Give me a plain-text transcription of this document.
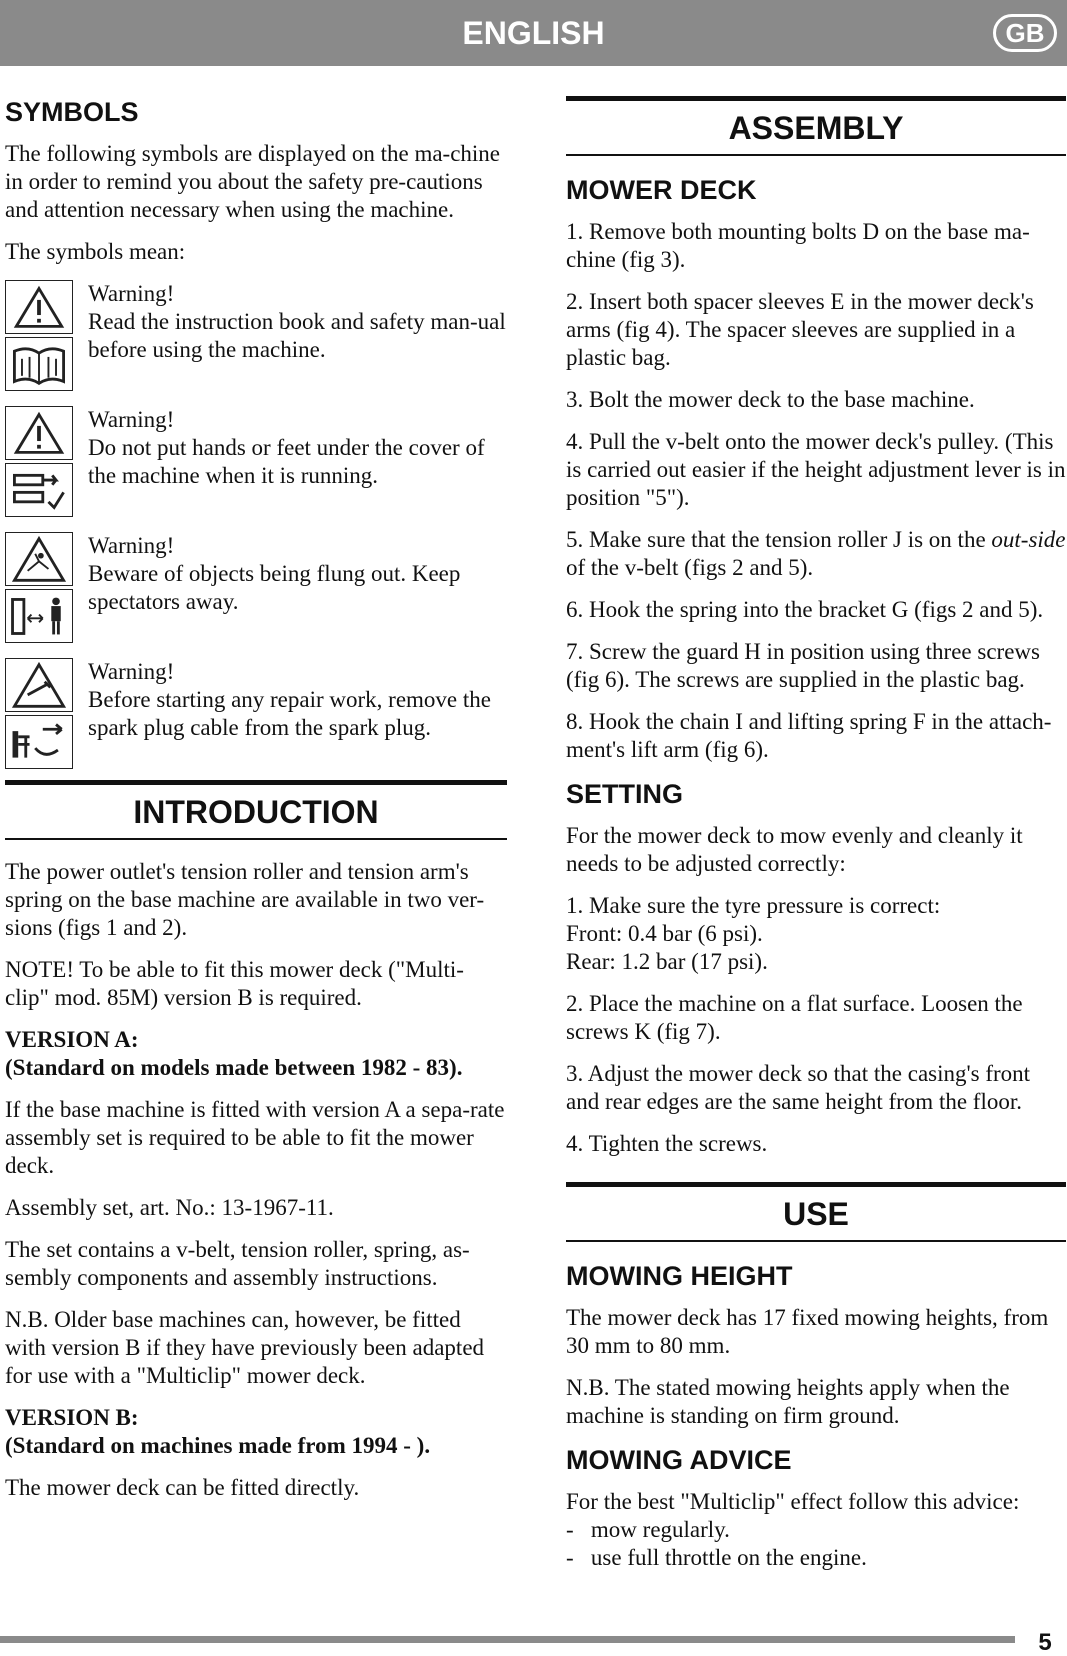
ENGLISH	GB
SYMBOLS

The following symbols are displayed on the ma-chine in order to remind you about the safety pre-cautions and attention necessary when using the machine.

The symbols mean:

Warning!
Read the instruction book and safety man-ual before using the machine.
Warning!
Do not put hands or feet under the cover of the machine when it is running.
Warning!
Beware of objects being flung out. Keep spectators away.
Warning!
Before starting any repair work, remove the spark plug cable from the spark plug.
INTRODUCTION

The power outlet's tension roller and tension arm's spring on the base machine are available in two ver-sions (figs 1 and 2).

NOTE! To be able to fit this mower deck ("Multi-clip" mod. 85M) version B is required.

VERSION A:
(Standard on models made between 1982 - 83).

If the base machine is fitted with version A a sepa-rate assembly set is required to be able to fit the mower deck.

Assembly set, art. No.: 13-1967-11.

The set contains a v-belt, tension roller, spring, as-sembly components and assembly instructions.

N.B. Older base machines can, however, be fitted with version B if they have previously been adapted for use with a "Multiclip" mower deck.

VERSION B:
(Standard on machines made from 1994 - ).

The mower deck can be fitted directly.

ASSEMBLY
MOWER DECK

1. Remove both mounting bolts D on the base ma-chine (fig 3).

2. Insert both spacer sleeves E in the mower deck's arms (fig 4). The spacer sleeves are supplied in a plastic bag.

3. Bolt the mower deck to the base machine.

4. Pull the v-belt onto the mower deck's pulley. (This is carried out easier if the height adjustment lever is in position "5").

5. Make sure that the tension roller J is on the out-side of the v-belt (figs 2 and 5).

6. Hook the spring into the bracket G (figs 2 and 5).

7. Screw the guard H in position using three screws (fig 6). The screws are supplied in the plastic bag.

8. Hook the chain I and lifting spring F in the attach-ment's lift arm (fig 6).

SETTING

For the mower deck to mow evenly and cleanly it needs to be adjusted correctly:

1. Make sure the tyre pressure is correct:
Front: 0.4 bar (6 psi).
Rear: 1.2 bar (17 psi).

2. Place the machine on a flat surface. Loosen the screws K (fig 7).

3. Adjust the mower deck so that the casing's front and rear edges are the same height from the floor.

4. Tighten the screws.

USE
MOWING HEIGHT

The mower deck has 17 fixed mowing heights, from 30 mm to 80 mm.

N.B. The stated mowing heights apply when the machine is standing on firm ground.

MOWING ADVICE

For the best "Multiclip" effect follow this advice:

-   mow regularly.
-   use full throttle on the engine.
5
